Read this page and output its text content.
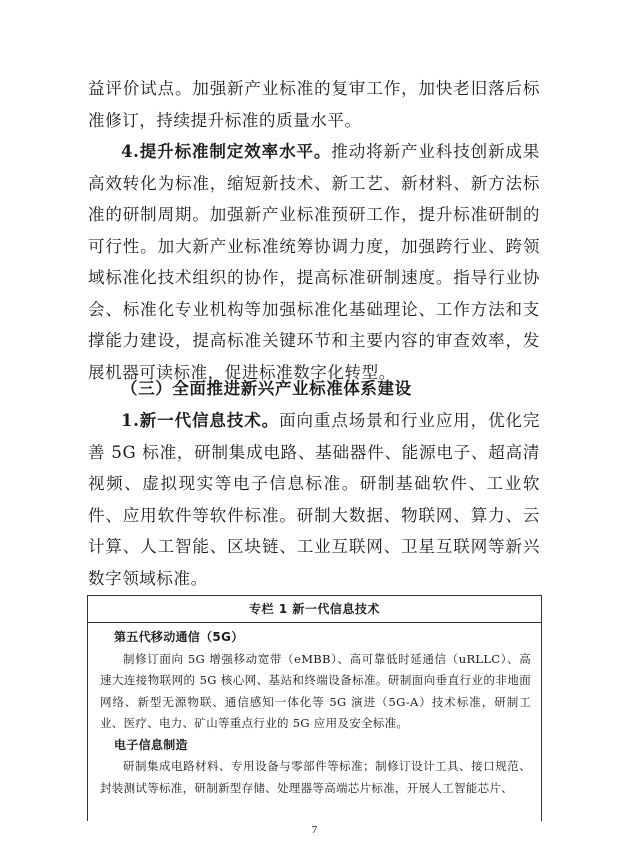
益评价试点。加强新产业标准的复审工作，加快老旧落后标准修订，持续提升标准的质量水平。

4.提升标准制定效率水平。推动将新产业科技创新成果高效转化为标准，缩短新技术、新工艺、新材料、新方法标准的研制周期。加强新产业标准预研工作，提升标准研制的可行性。加大新产业标准统筹协调力度，加强跨行业、跨领域标准化技术组织的协作，提高标准研制速度。指导行业协会、标准化专业机构等加强标准化基础理论、工作方法和支撑能力建设，提高标准关键环节和主要内容的审查效率，发展机器可读标准，促进标准数字化转型。

（三）全面推进新兴产业标准体系建设

1.新一代信息技术。面向重点场景和行业应用，优化完善 5G 标准，研制集成电路、基础器件、能源电子、超高清视频、虚拟现实等电子信息标准。研制基础软件、工业软件、应用软件等软件标准。研制大数据、物联网、算力、云计算、人工智能、区块链、工业互联网、卫星互联网等新兴数字领域标准。

专栏 1 新一代信息技术

第五代移动通信（5G）

制修订面向 5G 增强移动宽带（eMBB）、高可靠低时延通信（uRLLC）、高速大连接物联网的 5G 核心网、基站和终端设备标准。研制面向垂直行业的非地面网络、新型无源物联、通信感知一体化等 5G 演进（5G-A）技术标准，研制工业、医疗、电力、矿山等重点行业的 5G 应用及安全标准。

电子信息制造

研制集成电路材料、专用设备与零部件等标准；制修订设计工具、接口规范、封装测试等标准，研制新型存储、处理器等高端芯片标准，开展人工智能芯片、

7
